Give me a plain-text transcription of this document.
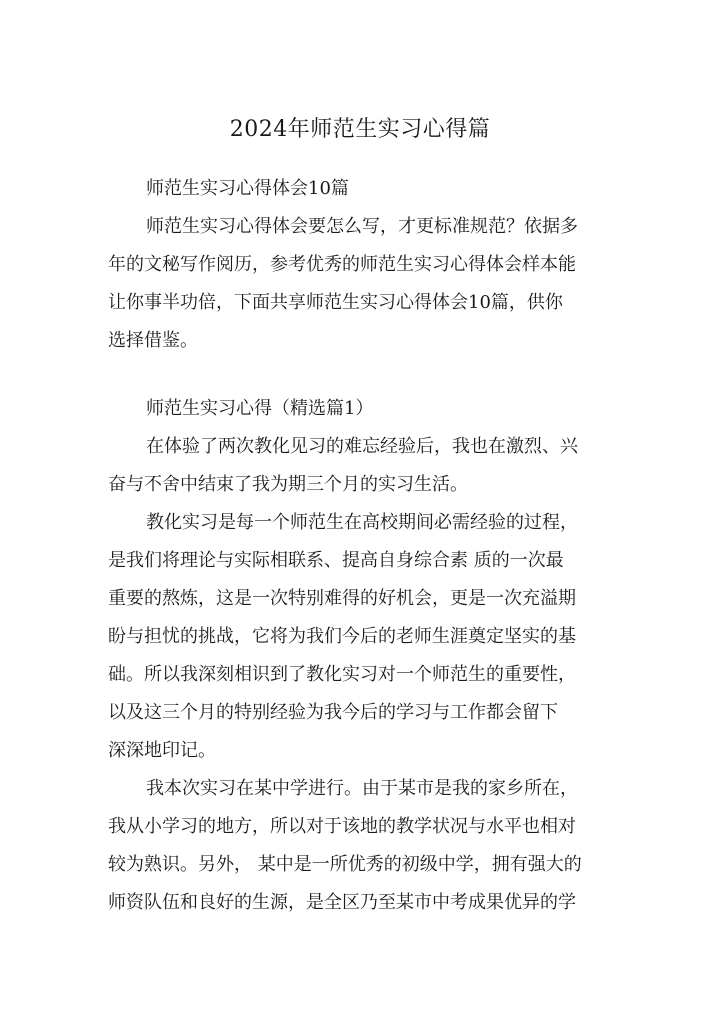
2024年师范生实习心得篇
师范生实习心得体会10篇
师范生实习心得体会要怎么写，才更标准规范？依据多
年的文秘写作阅历，参考优秀的师范生实习心得体会样本能
让你事半功倍，下面共享师范生实习心得体会10篇，供你
选择借鉴。
师范生实习心得（精选篇1）
在体验了两次教化见习的难忘经验后，我也在激烈、兴
奋与不舍中结束了我为期三个月的实习生活。
教化实习是每一个师范生在高校期间必需经验的过程，
是我们将理论与实际相联系、提高自身综合素 质的一次最
重要的熬炼，这是一次特别难得的好机会，更是一次充溢期
盼与担忧的挑战，它将为我们今后的老师生涯奠定坚实的基
础。所以我深刻相识到了教化实习对一个师范生的重要性，
以及这三个月的特别经验为我今后的学习与工作都会留下
深深地印记。
我本次实习在某中学进行。由于某市是我的家乡所在，
我从小学习的地方，所以对于该地的教学状况与水平也相对
较为熟识。另外， 某中是一所优秀的初级中学，拥有强大的
师资队伍和良好的生源，是全区乃至某市中考成果优异的学
